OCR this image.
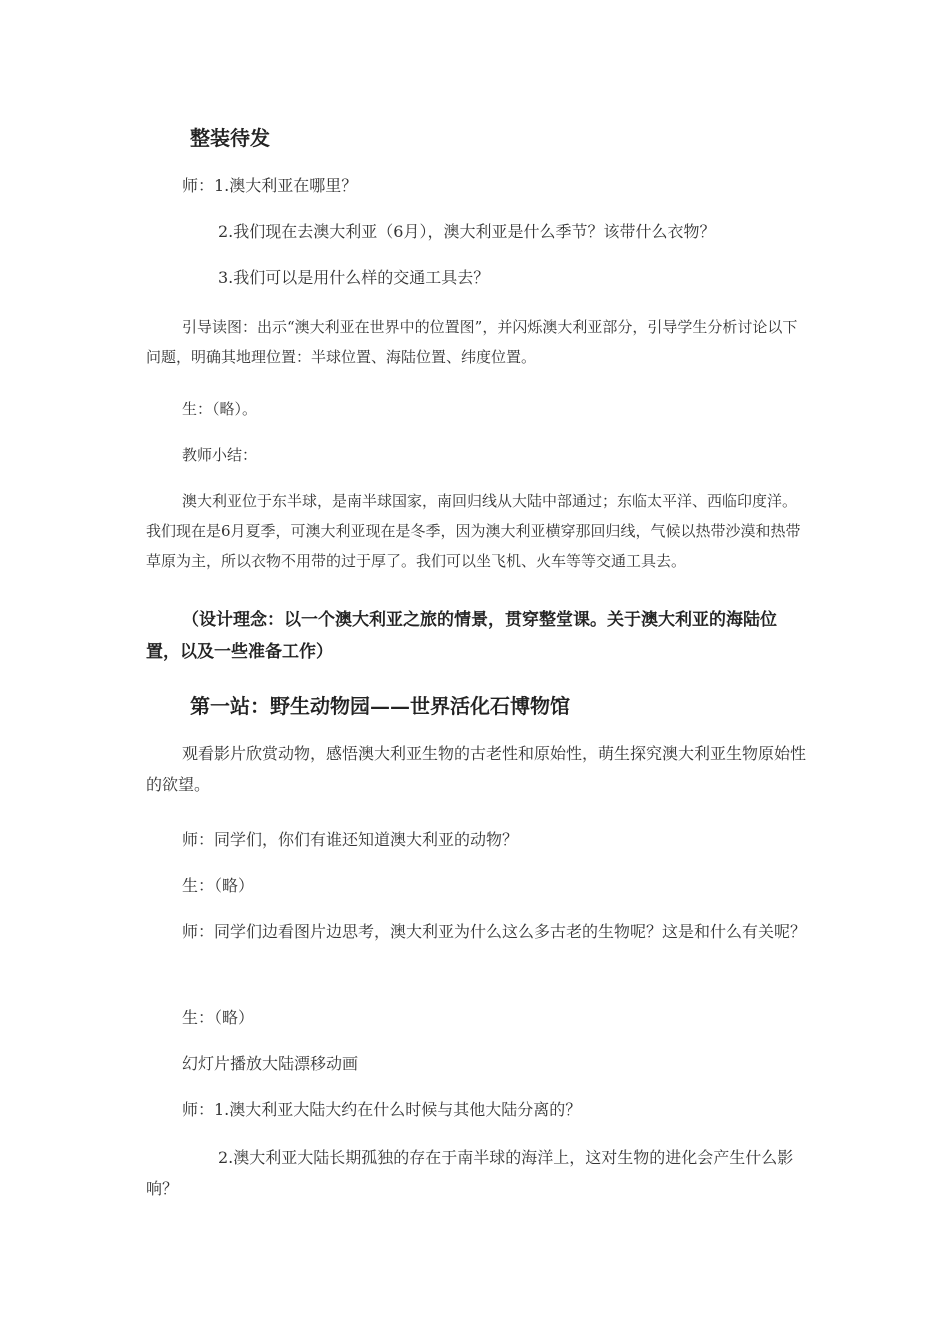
整装待发
师：1.澳大利亚在哪里？
2.我们现在去澳大利亚（6月），澳大利亚是什么季节？该带什么衣物？
3.我们可以是用什么样的交通工具去？
引导读图：出示“澳大利亚在世界中的位置图”，并闪烁澳大利亚部分，引导学生分析讨论以下问题，明确其地理位置：半球位置、海陆位置、纬度位置。
生：（略）。
教师小结：
澳大利亚位于东半球，是南半球国家，南回归线从大陆中部通过；东临太平洋、西临印度洋。我们现在是6月夏季，可澳大利亚现在是冬季，因为澳大利亚横穿那回归线，气候以热带沙漠和热带草原为主，所以衣物不用带的过于厚了。我们可以坐飞机、火车等等交通工具去。
（设计理念：以一个澳大利亚之旅的情景，贯穿整堂课。关于澳大利亚的海陆位置，以及一些准备工作）
第一站：野生动物园——世界活化石博物馆
观看影片欣赏动物，感悟澳大利亚生物的古老性和原始性，萌生探究澳大利亚生物原始性的欲望。
师：同学们，你们有谁还知道澳大利亚的动物？
生：（略）
师：同学们边看图片边思考，澳大利亚为什么这么多古老的生物呢？这是和什么有关呢？
生：（略）
幻灯片播放大陆漂移动画
师：1.澳大利亚大陆大约在什么时候与其他大陆分离的？
2.澳大利亚大陆长期孤独的存在于南半球的海洋上，这对生物的进化会产生什么影响？
